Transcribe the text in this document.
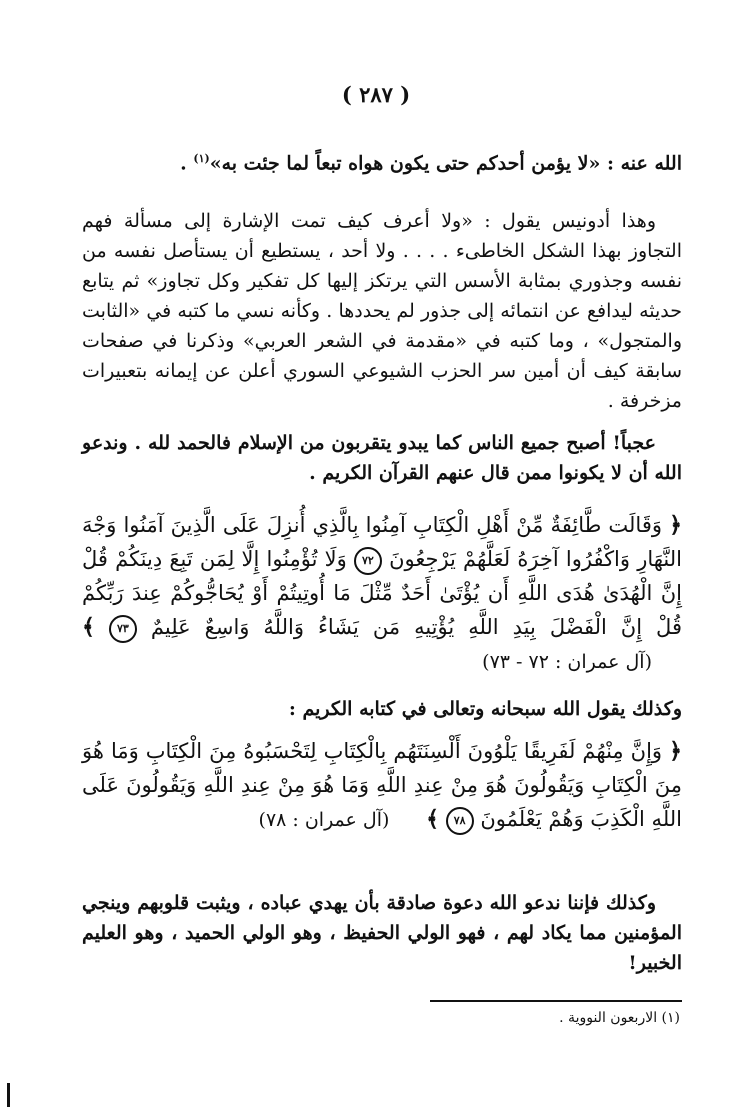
( ٢٨٧ )

الله عنه : «لا يؤمن أحدكم حتى يكون هواه تبعاً لما جئت به»$^{(١)}$ .

وهذا أدونيس يقول : «ولا أعرف كيف تمت الإشارة إلى مسألة فهم التجاوز بهذا الشكل الخاطىء . . . . ولا أحد ، يستطيع أن يستأصل نفسه من نفسه وجذوري بمثابة الأسس التي يرتكز إليها كل تفكير وكل تجاوز» ثم يتابع حديثه ليدافع عن انتمائه إلى جذور لم يحددها . وكأنه نسي ما كتبه في «الثابت والمتجول» ، وما كتبه في «مقدمة في الشعر العربي» وذكرنا في صفحات سابقة كيف أن أمين سر الحزب الشيوعي السوري أعلن عن إيمانه بتعبيرات مزخرفة .

عجباً! أصبح جميع الناس كما يبدو يتقربون من الإسلام فالحمد لله . وندعو الله أن لا يكونوا ممن قال عنهم القرآن الكريم .

﴿ وَقَالَت طَّائِفَةٌ مِّنْ أَهْلِ الْكِتَابِ آمِنُوا بِالَّذِي أُنزِلَ عَلَى الَّذِينَ آمَنُوا وَجْهَ النَّهَارِ وَاكْفُرُوا آخِرَهُ لَعَلَّهُمْ يَرْجِعُونَ ٧٢ وَلَا تُؤْمِنُوا إِلَّا لِمَن تَبِعَ دِينَكُمْ قُلْ إِنَّ الْهُدَىٰ هُدَى اللَّهِ أَن يُؤْتَىٰ أَحَدٌ مِّثْلَ مَا أُوتِيتُمْ أَوْ يُحَاجُّوكُمْ عِندَ رَبِّكُمْ قُلْ إِنَّ الْفَضْلَ بِيَدِ اللَّهِ يُؤْتِيهِ مَن يَشَاءُ وَاللَّهُ وَاسِعٌ عَلِيمٌ ٧٣ ﴾ (آل عمران : ٧٢ - ٧٣)

وكذلك يقول الله سبحانه وتعالى في كتابه الكريم :

﴿ وَإِنَّ مِنْهُمْ لَفَرِيقًا يَلْوُونَ أَلْسِنَتَهُم بِالْكِتَابِ لِتَحْسَبُوهُ مِنَ الْكِتَابِ وَمَا هُوَ مِنَ الْكِتَابِ وَيَقُولُونَ هُوَ مِنْ عِندِ اللَّهِ وَمَا هُوَ مِنْ عِندِ اللَّهِ وَيَقُولُونَ عَلَى اللَّهِ الْكَذِبَ وَهُمْ يَعْلَمُونَ ٧٨ ﴾ (آل عمران : ٧٨)

وكذلك فإننا ندعو الله دعوة صادقة بأن يهدي عباده ، ويثبت قلوبهم وينجي المؤمنين مما يكاد لهم ، فهو الولي الحفيظ ، وهو الولي الحميد ، وهو العليم الخبير!

(١) الاربعون النووية .
